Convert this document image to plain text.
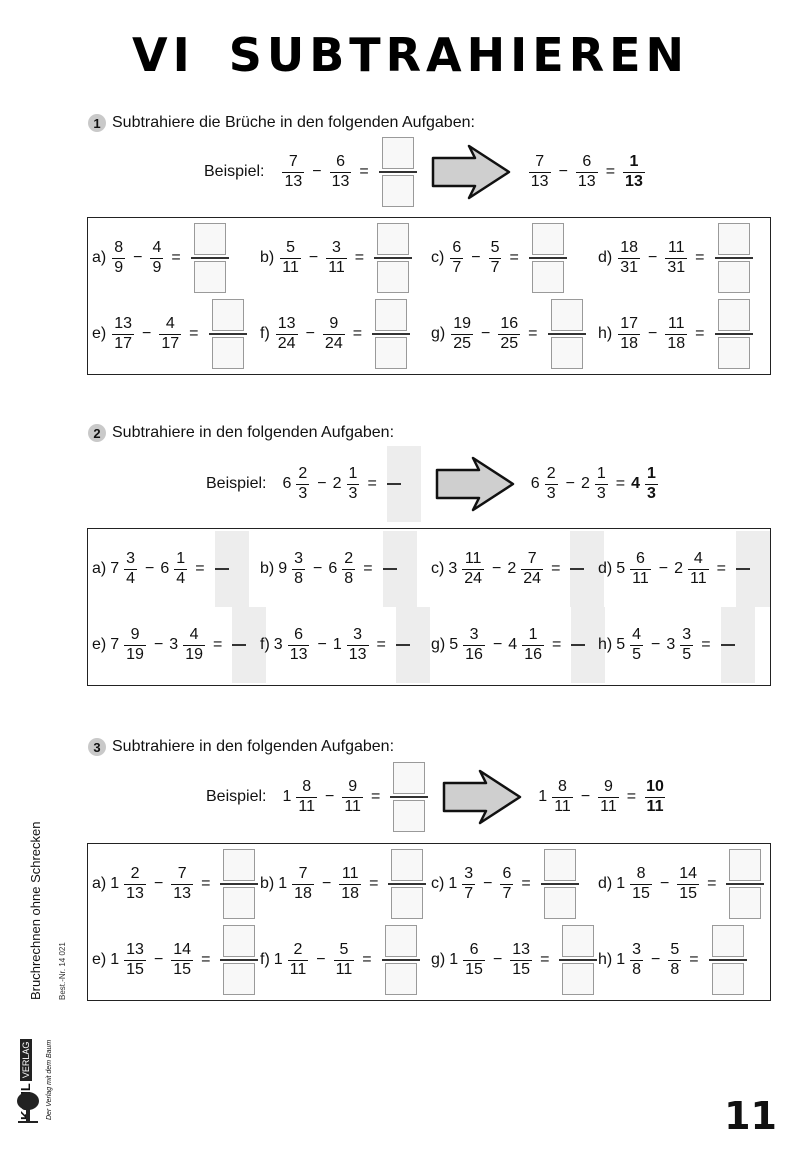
VI SUBTRAHIEREN
1 Subtrahiere die Brüche in den folgenden Aufgaben:
Beispiel: $\frac{7}{13} - \frac{6}{13}$ =	$\frac{7}{13} - \frac{6}{13} = \frac{1}{13}$
$a) \frac{8}{9} - \frac{4}{9}$ =	$b) \frac{5}{11} - \frac{3}{11}$ =	$c) \frac{6}{7} - \frac{5}{7}$ =	$d) \frac{18}{31} - \frac{11}{31}$ =
$e) \frac{13}{17} - \frac{4}{17}$ =	$f) \frac{13}{24} - \frac{9}{24}$ =	$g) \frac{19}{25} - \frac{16}{25}$ =	$h) \frac{17}{18} - \frac{11}{18}$ =
2 Subtrahiere in den folgenden Aufgaben:
Beispiel: $6 \frac{2}{3} - 2 \frac{1}{3}$ =	$6 \frac{2}{3} - 2 \frac{1}{3} = 4 \frac{1}{3}$
a) $7 \frac{3}{4} - 6 \frac{1}{4}$ =	b) $9 \frac{3}{8} - 6 \frac{2}{8}$ =	c) $3 \frac{11}{24} - 2 \frac{7}{24} = d$) $5 \frac{6}{11} - 2 \frac{4}{11}$ =
e) $7 \frac{9}{19} - 3 \frac{4}{19} = f$) $3 \frac{6}{13} - 1 \frac{3}{13}$ =	g) $5 \frac{3}{16} - 4 \frac{1}{16} = h$) $5 \frac{4}{5} - 3 \frac{3}{5}$ =
3 Subtrahiere in den folgenden Aufgaben:
Beispiel: $1 \frac{8}{11} - \frac{9}{11}$ =	$1 \frac{8}{11} - \frac{9}{11} = \frac{10}{11}$
a) $1 \frac{2}{13} - \frac{7}{13}$ =	b) $1 \frac{7}{18} - \frac{11}{18}$ =	c) $1 \frac{3}{7} - \frac{6}{7}$ =	d) $1 \frac{8}{15} - \frac{14}{15}$ =
e) $1 \frac{13}{15} - \frac{14}{15}$ =	f) $1 \frac{2}{11} - \frac{5}{11}$ =	g) $1 \frac{6}{15} - \frac{13}{15}$ =	h) $1 \frac{3}{8} - \frac{5}{8}$ =
Bruchrechnen ohne Schrecken Best.-Nr. 14 021
VERLAG Der Verlag mit dem Baum	11
